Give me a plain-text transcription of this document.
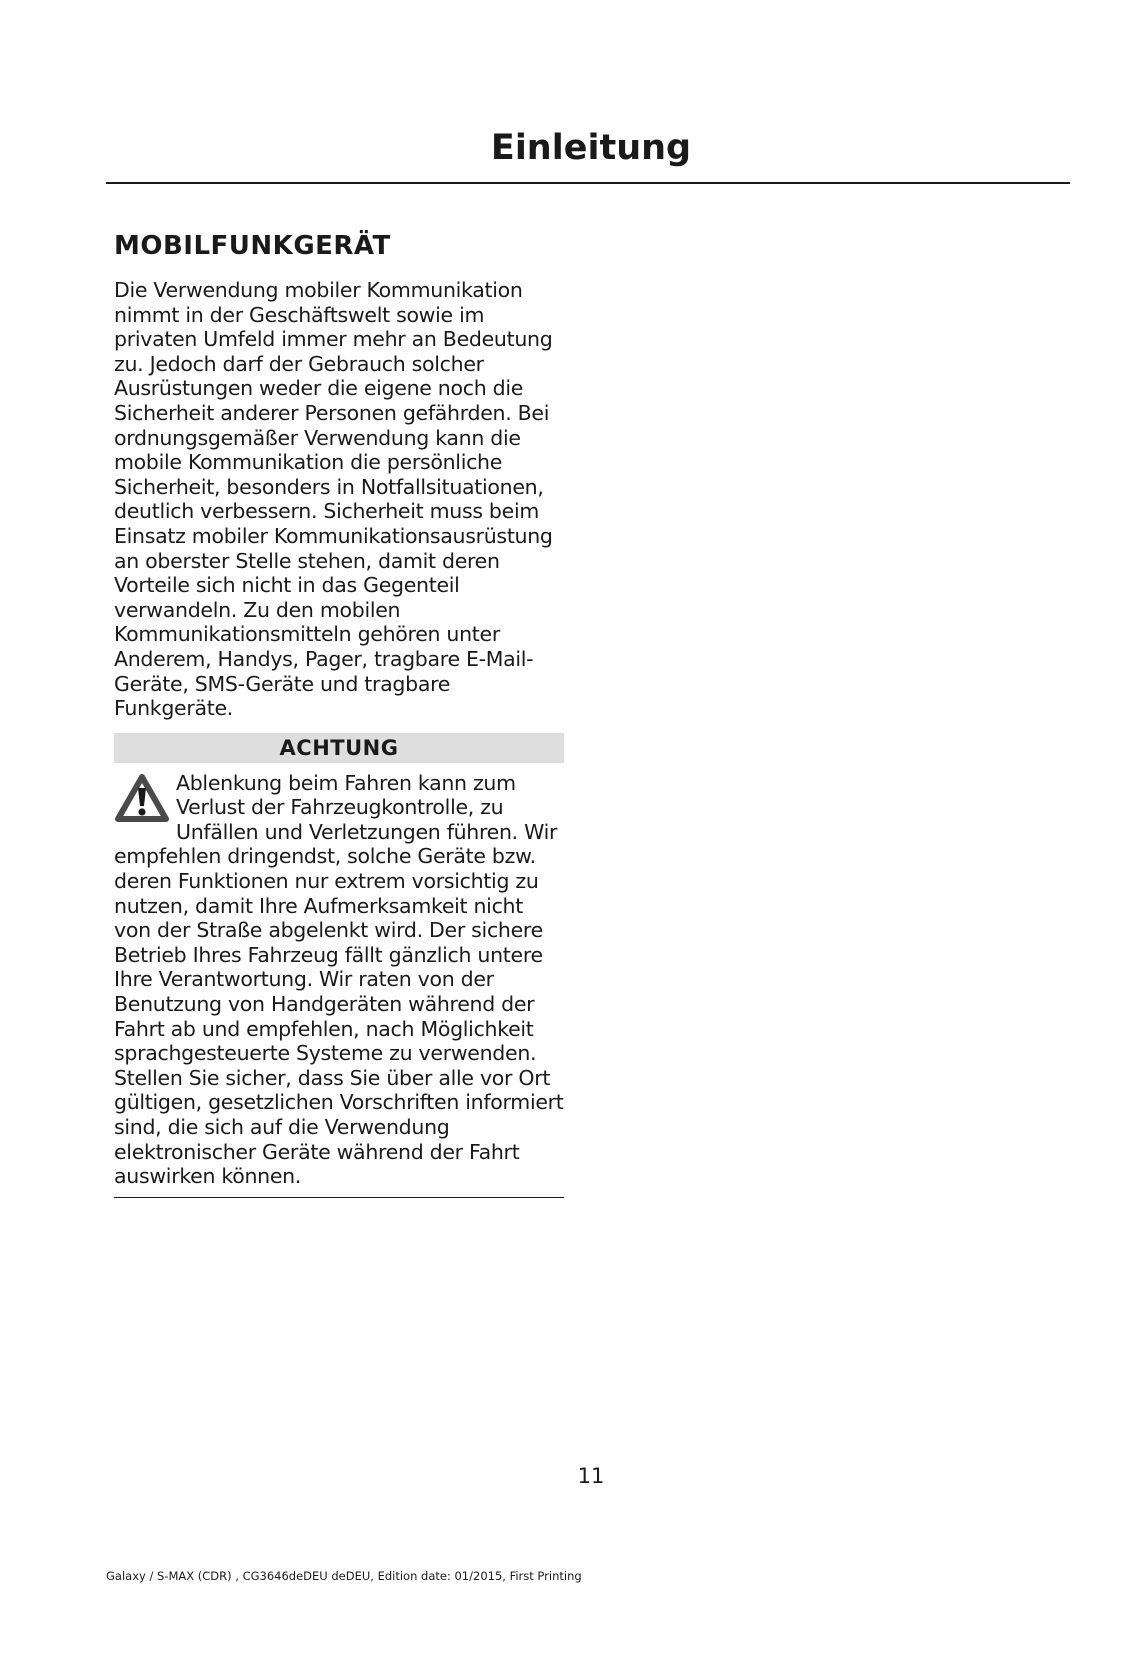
Einleitung
MOBILFUNKGERÄT

Die Verwendung mobiler Kommunikation nimmt in der Geschäftswelt sowie im privaten Umfeld immer mehr an Bedeutung zu. Jedoch darf der Gebrauch solcher Ausrüstungen weder die eigene noch die Sicherheit anderer Personen gefährden. Bei ordnungsgemäßer Verwendung kann die mobile Kommunikation die persönliche Sicherheit, besonders in Notfallsituationen, deutlich verbessern. Sicherheit muss beim Einsatz mobiler Kommunikationsausrüstung an oberster Stelle stehen, damit deren Vorteile sich nicht in das Gegenteil verwandeln. Zu den mobilen Kommunikationsmitteln gehören unter Anderem, Handys, Pager, tragbare E-Mail-Geräte, SMS-Geräte und tragbare Funkgeräte.

ACHTUNG
Ablenkung beim Fahren kann zum Verlust der Fahrzeugkontrolle, zu Unfällen und Verletzungen führen. Wir empfehlen dringendst, solche Geräte bzw. deren Funktionen nur extrem vorsichtig zu nutzen, damit Ihre Aufmerksamkeit nicht von der Straße abgelenkt wird. Der sichere Betrieb Ihres Fahrzeug fällt gänzlich untere Ihre Verantwortung. Wir raten von der Benutzung von Handgeräten während der Fahrt ab und empfehlen, nach Möglichkeit sprachgesteuerte Systeme zu verwenden. Stellen Sie sicher, dass Sie über alle vor Ort gültigen, gesetzlichen Vorschriften informiert sind, die sich auf die Verwendung elektronischer Geräte während der Fahrt auswirken können.
11
Galaxy / S-MAX (CDR) , CG3646deDEU deDEU, Edition date: 01/2015, First Printing
